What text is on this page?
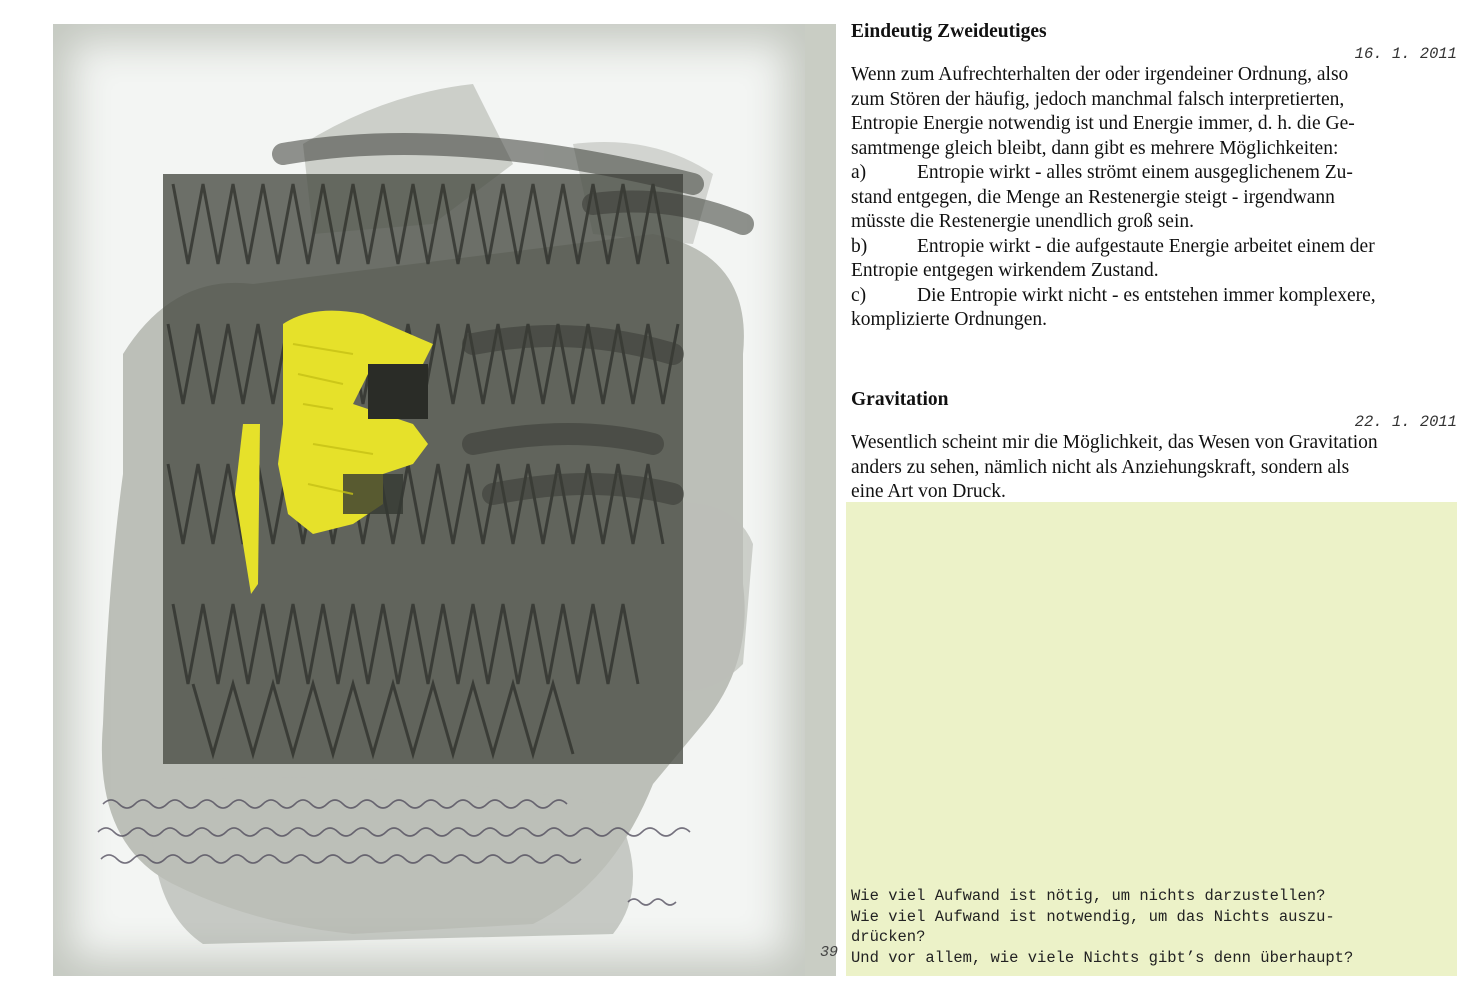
39
Eindeutig Zweideutiges
16. 1. 2011
Wenn zum Aufrechterhalten der oder irgendeiner Ordnung, also
zum Stören der häufig, jedoch manchmal falsch interpretierten,
Entropie Energie notwendig ist und Energie immer, d. h. die Ge-
samtmenge gleich bleibt, dann gibt es mehrere Möglichkeiten:
a)	Entropie wirkt - alles strömt einem ausgeglichenem Zu-
stand entgegen, die Menge an Restenergie steigt - irgendwann
müsste die Restenergie unendlich groß sein.
b)	Entropie wirkt - die aufgestaute Energie arbeitet einem der
Entropie entgegen wirkendem Zustand.
c)	Die Entropie wirkt nicht - es entstehen immer komplexere,
komplizierte Ordnungen.
Gravitation
22. 1. 2011
Wesentlich scheint mir die Möglichkeit, das Wesen von Gravitation
anders zu sehen, nämlich nicht als Anziehungskraft, sondern als
eine Art von Druck.
Wie viel Aufwand ist nötig, um nichts darzustellen?
Wie viel Aufwand ist notwendig, um das Nichts auszu-
drücken?
Und vor allem, wie viele Nichts gibt’s denn überhaupt?
